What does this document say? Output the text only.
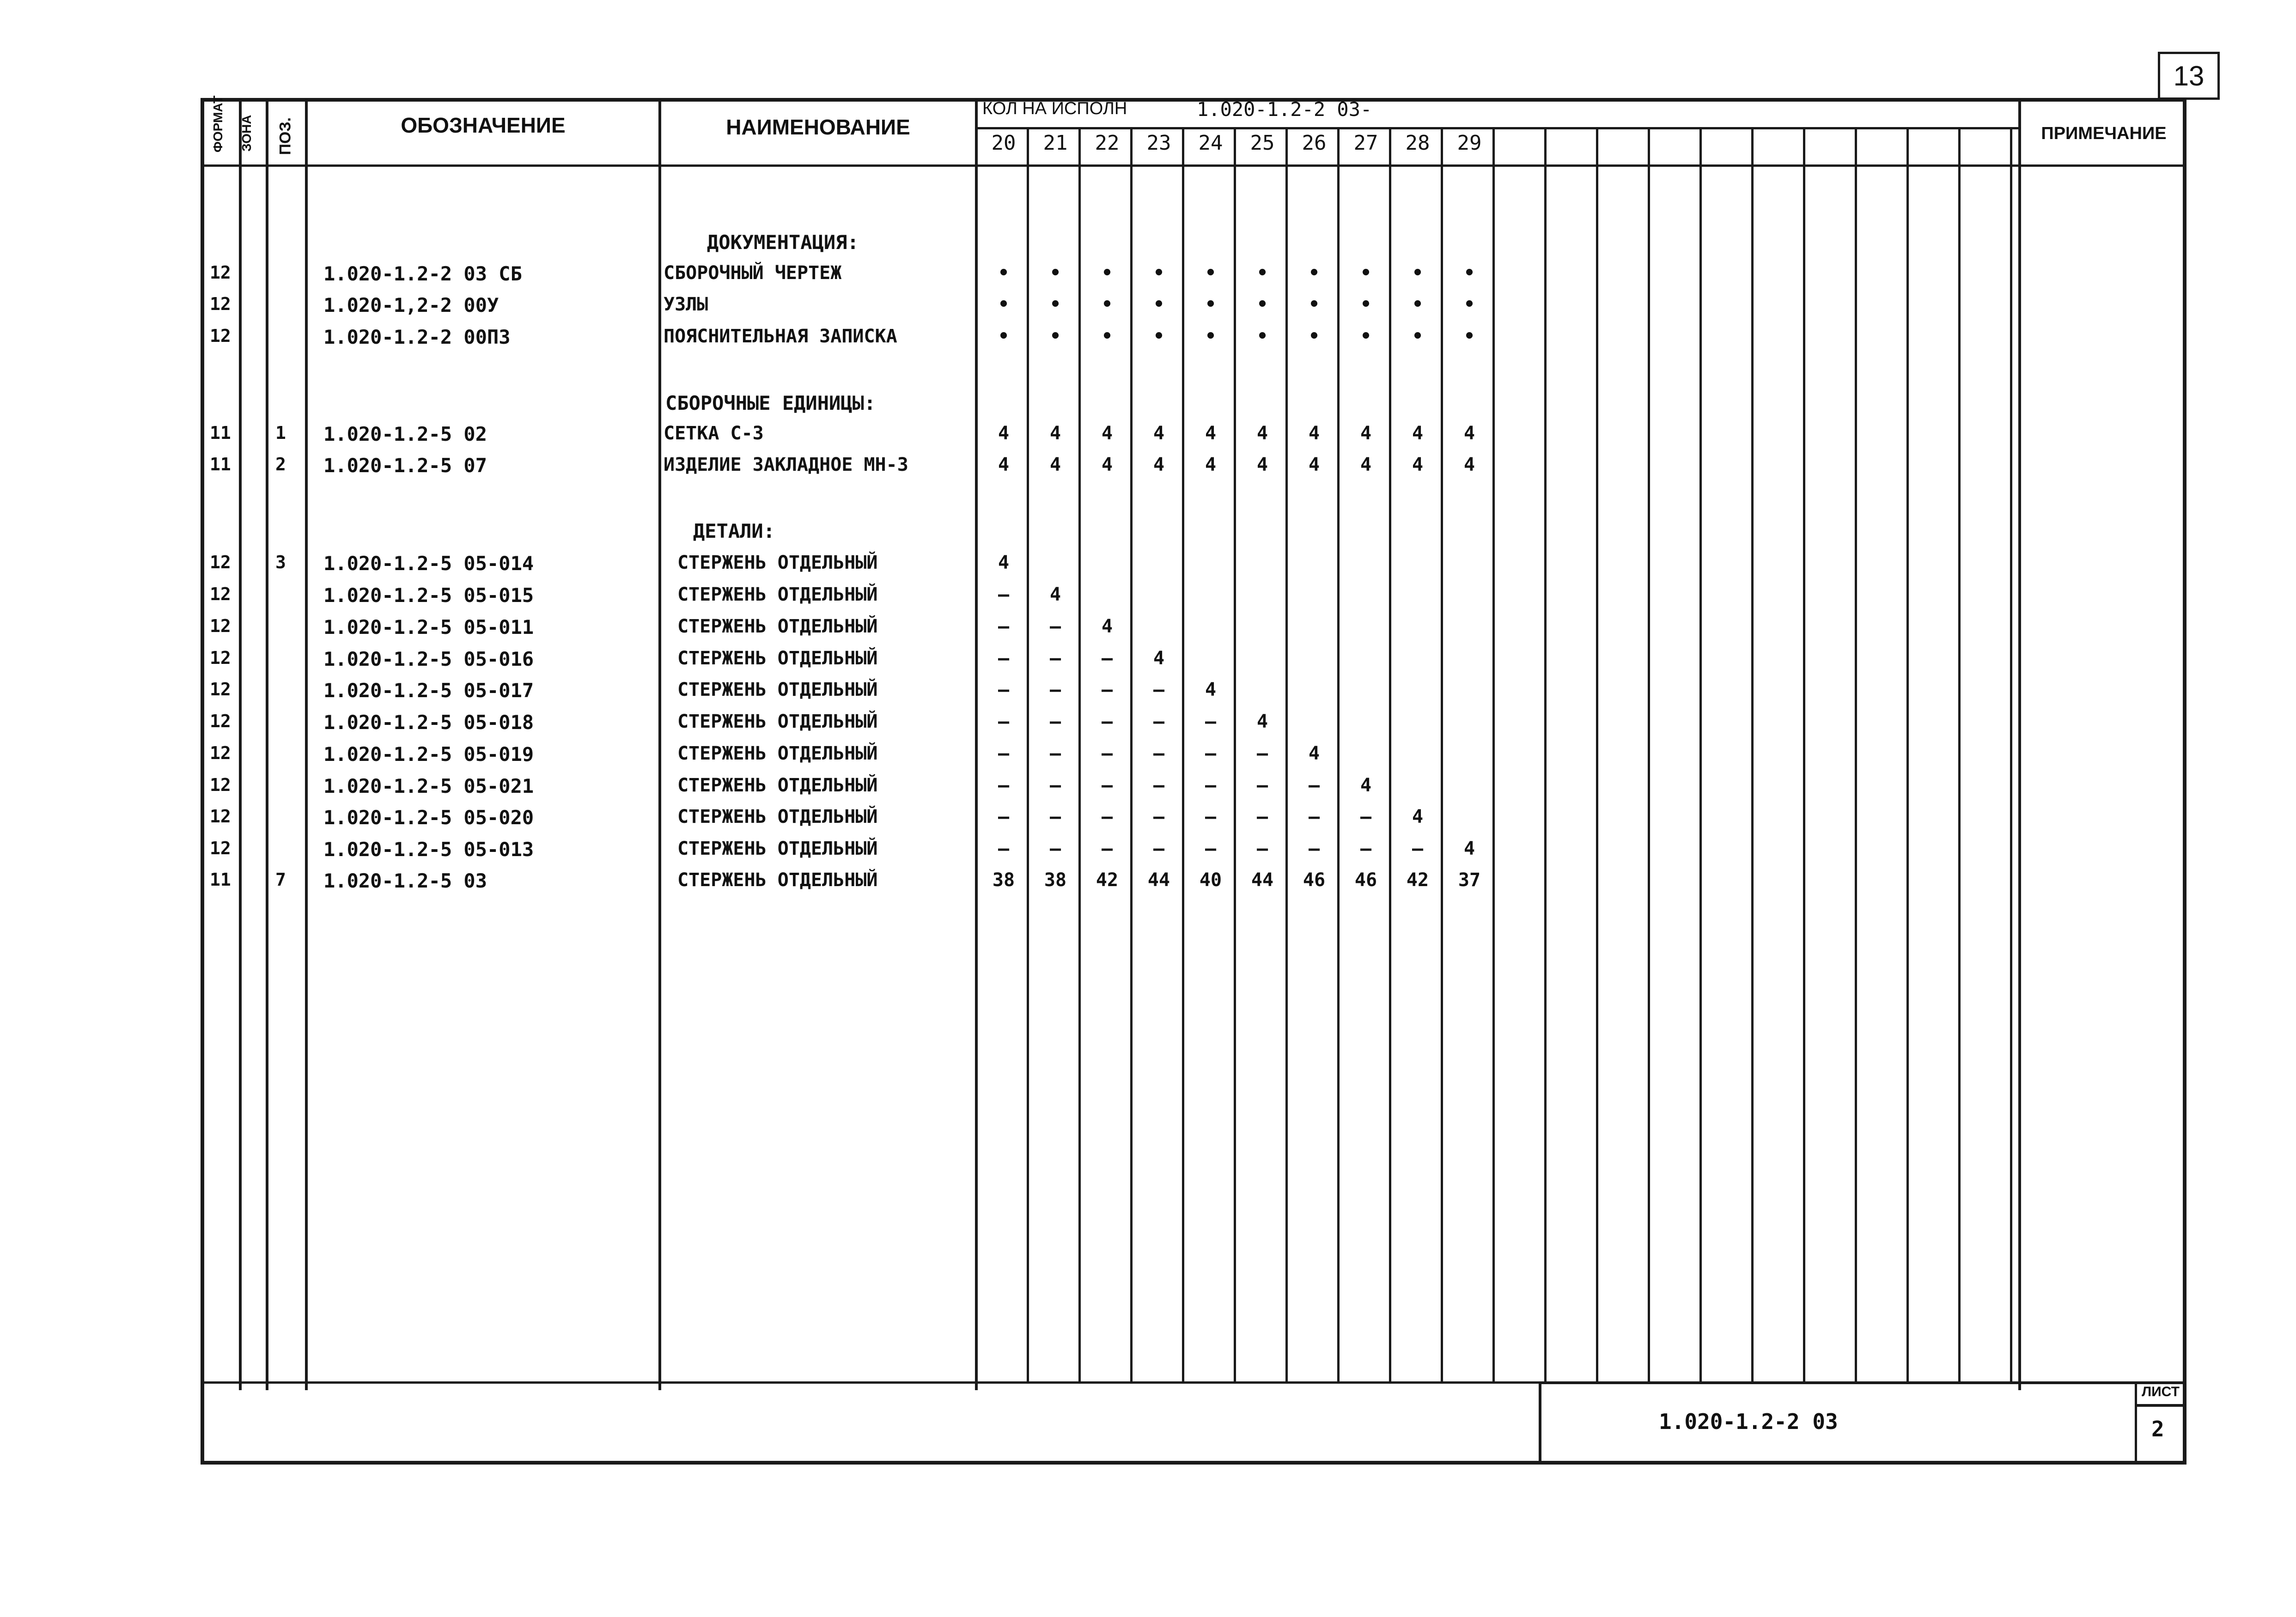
13
ФОРМАТ ЗОНА ПОЗ.	ОБОЗНАЧЕНИЕ	НАИМЕНОВАНИЕ
КОЛ НА ИСПОЛН	1.020-1.2-2 03-
ПРИМЕЧАНИЕ
20	21	22	23	24	25	26	27	28	29
ДОКУМЕНТАЦИЯ:
СБОРОЧНЫЕ ЕДИНИЦЫ:
ДЕТАЛИ:
12	1.020-1.2-2 03 СБ	СБОРОЧНЫЙ ЧЕРТЕЖ	•	•	•	•	•	•	•	•	•	•
12	1.020-1,2-2 00У	УЗЛЫ	•	•	•	•	•	•	•	•	•	•
12	1.020-1.2-2 00ПЗ	ПОЯСНИТЕЛЬНАЯ ЗАПИСКА	•	•	•	•	•	•	•	•	•	•
11	1 1.020-1.2-5 02	СЕТКА С-3	4	4	4	4	4	4	4	4	4	4
11	2 1.020-1.2-5 07	ИЗДЕЛИЕ ЗАКЛАДНОЕ МН-3	4	4	4	4	4	4	4	4	4	4
12	3 1.020-1.2-5 05-014	СТЕРЖЕНЬ ОТДЕЛЬНЫЙ	4
12	1.020-1.2-5 05-015	СТЕРЖЕНЬ ОТДЕЛЬНЫЙ	–	4
12	1.020-1.2-5 05-011	СТЕРЖЕНЬ ОТДЕЛЬНЫЙ	–	–	4
12	1.020-1.2-5 05-016	СТЕРЖЕНЬ ОТДЕЛЬНЫЙ	–	–	–	4
12	1.020-1.2-5 05-017	СТЕРЖЕНЬ ОТДЕЛЬНЫЙ	–	–	–	–	4
12	1.020-1.2-5 05-018	СТЕРЖЕНЬ ОТДЕЛЬНЫЙ	–	–	–	–	–	4
12	1.020-1.2-5 05-019	СТЕРЖЕНЬ ОТДЕЛЬНЫЙ	–	–	–	–	–	–	4
12	1.020-1.2-5 05-021	СТЕРЖЕНЬ ОТДЕЛЬНЫЙ	–	–	–	–	–	–	–	4
12	1.020-1.2-5 05-020	СТЕРЖЕНЬ ОТДЕЛЬНЫЙ	–	–	–	–	–	–	–	–	4
12	1.020-1.2-5 05-013	СТЕРЖЕНЬ ОТДЕЛЬНЫЙ	–	–	–	–	–	–	–	–	–	4
11	7 1.020-1.2-5 03	СТЕРЖЕНЬ ОТДЕЛЬНЫЙ	38	38	42	44	40	44	46	46	42	37
1.020-1.2-2 03
ЛИСТ
2
